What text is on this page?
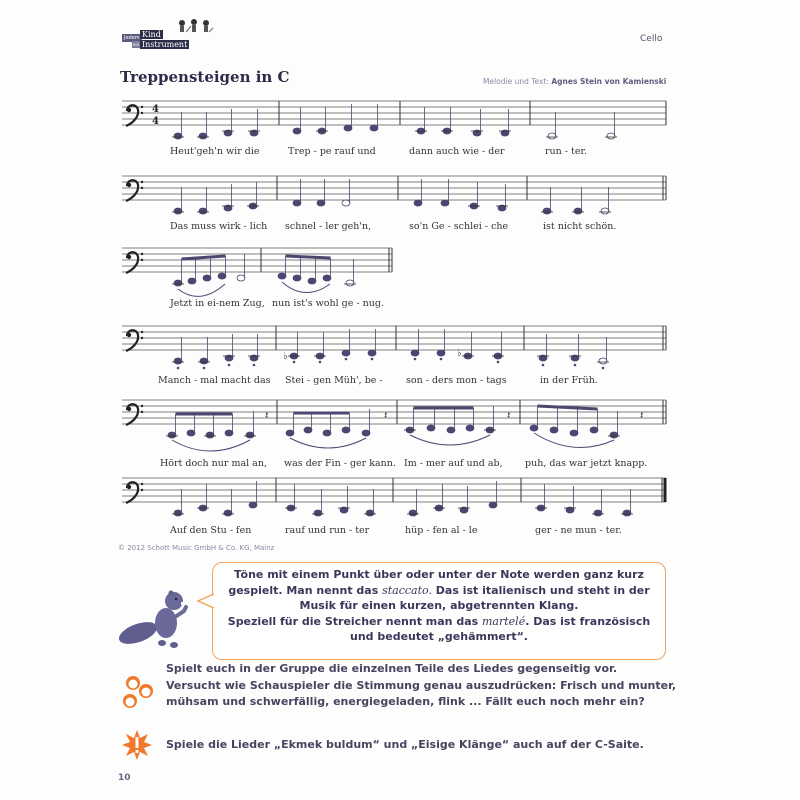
Jedem Kind
ein Instrument
Cello
Treppensteigen in C	Melodie und Text: Agnes Stein von Kamienski
4
4
♭	♭
𝄽	𝄽	𝄽	𝄽
Heut'geh'n wir die	Trep - pe rauf und	dann auch wie - der	run - ter.
Das muss wirk - lich schnel - ler geh'n,	so'n Ge - schlei - che	ist nicht schön.
Jetzt in ei-nem Zug, nun ist's wohl ge - nug.
Manch - mal macht das Stei - gen Müh', be - son - ders mon - tags	in der Früh.
Hört doch nur mal an, was der Fin - ger kann. Im - mer auf und ab, puh, das war jetzt knapp.
Auf den Stu - fen	rauf und run - ter	hüp - fen al - le	ger - ne mun - ter.
© 2012 Schott Music GmbH & Co. KG, Mainz
Töne mit einem Punkt über oder unter der Note werden ganz kurz
gespielt. Man nennt das staccato. Das ist italienisch und steht in der
Musik für einen kurzen, abgetrennten Klang.
Speziell für die Streicher nennt man das martelé. Das ist französisch
und bedeutet „gehämmert“.
Spielt euch in der Gruppe die einzelnen Teile des Liedes gegenseitig vor.
Versucht wie Schauspieler die Stimmung genau auszudrücken: Frisch und munter,
mühsam und schwerfällig, energiegeladen, flink ... Fällt euch noch mehr ein?
Spiele die Lieder „Ekmek buldum“ und „Eisige Klänge“ auch auf der C-Saite.
10
